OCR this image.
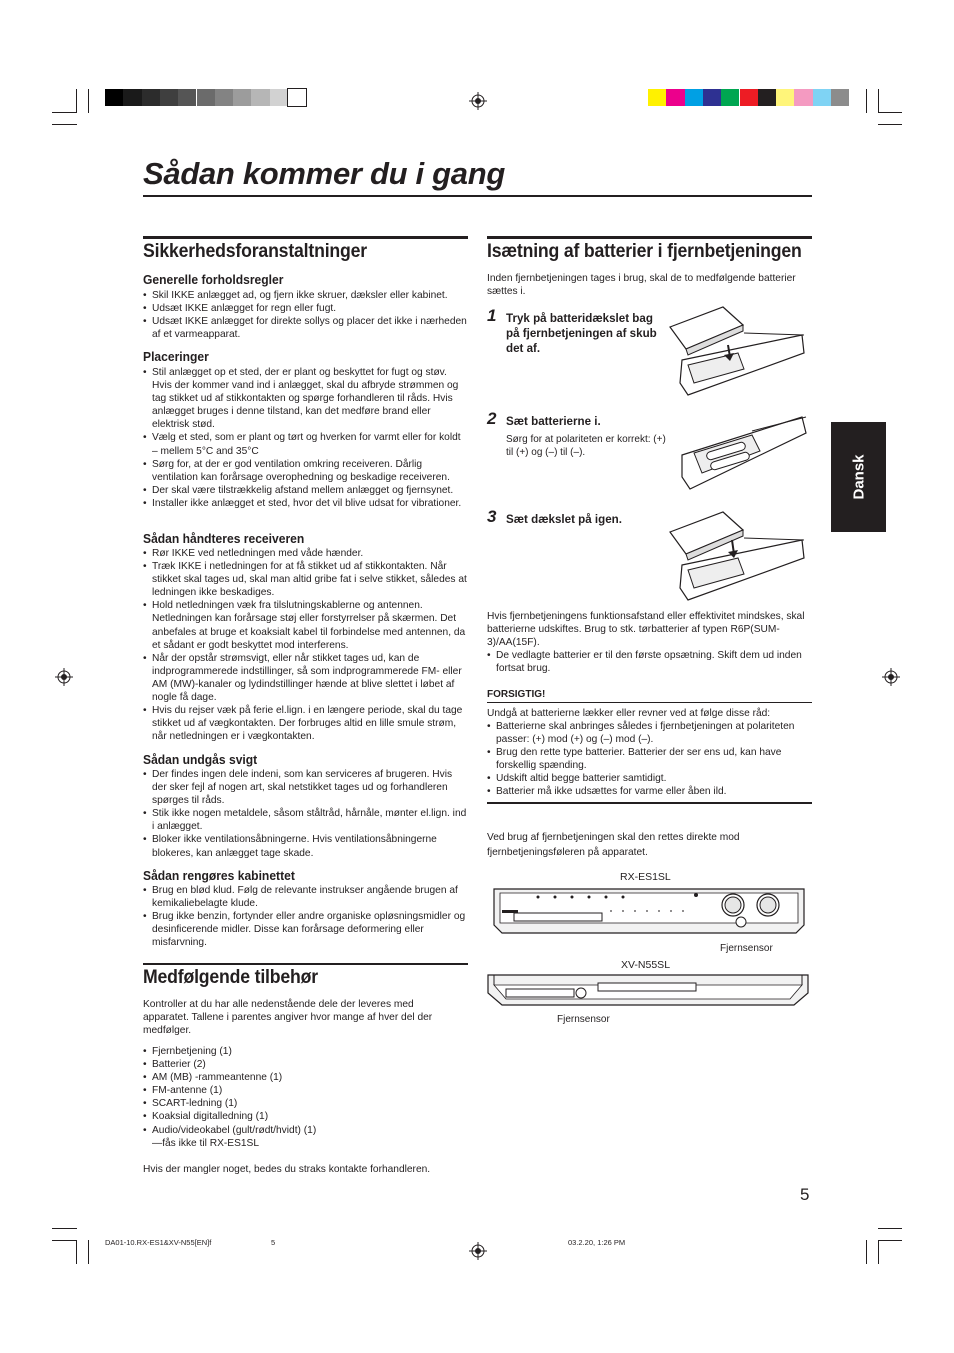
Sådan kommer du i gang
Dansk
Sikkerhedsforanstaltninger
Generelle forholdsregler
• Skil IKKE anlægget ad, og fjern ikke skruer, dæksler eller kabinet.
• Udsæt IKKE anlægget for regn eller fugt.
• Udsæt IKKE anlægget for direkte sollys og placer det ikke i nærheden af et varmeapparat.
Placeringer
• Stil anlægget op et sted, der er plant og beskyttet for fugt og støv. Hvis der kommer vand ind i anlægget, skal du afbryde strømmen og tag stikket ud af stikkontakten og spørge forhandleren til råds. Hvis anlægget bruges i denne tilstand, kan det medføre brand eller elektrisk stød.
• Vælg et sted, som er plant og tørt og hverken for varmt eller for koldt – mellem 5°C and 35°C
• Sørg for, at der er god ventilation omkring receiveren. Dårlig ventilation kan forårsage overophedning og beskadige receiveren.
• Der skal være tilstrækkelig afstand mellem anlægget og fjernsynet.
• Installer ikke anlægget et sted, hvor det vil blive udsat for vibrationer.
Sådan håndteres receiveren
• Rør IKKE ved netledningen med våde hænder.
• Træk IKKE i netledningen for at få stikket ud af stikkontakten. Når stikket skal tages ud, skal man altid gribe fat i selve stikket, således at ledningen ikke beskadiges.
• Hold netledningen væk fra tilslutningskablerne og antennen. Netledningen kan forårsage støj eller forstyrrelser på skærmen. Det anbefales at bruge et koaksialt kabel til forbindelse med antennen, da et sådant er godt beskyttet mod interferens.
• Når der opstår strømsvigt, eller når stikket tages ud, kan de indprogrammerede indstillinger, så som indprogrammerede FM- eller AM (MW)-kanaler og lydindstillinger hænde at blive slettet i løbet af nogle få dage.
• Hvis du rejser væk på ferie el.lign. i en længere periode, skal du tage stikket ud af vægkontakten. Der forbruges altid en lille smule strøm, når netledningen er i vægkontakten.
Sådan undgås svigt
• Der findes ingen dele indeni, som kan serviceres af brugeren. Hvis der sker fejl af nogen art, skal netstikket tages ud og forhandleren spørges til råds.
• Stik ikke nogen metaldele, såsom ståltråd, hårnåle, mønter el.lign. ind i anlægget.
• Bloker ikke ventilationsåbningerne. Hvis ventilationsåbningerne blokeres, kan anlægget tage skade.
Sådan rengøres kabinettet
• Brug en blød klud. Følg de relevante instrukser angående brugen af kemikaliebelagte klude.
• Brug ikke benzin, fortynder eller andre organiske opløsningsmidler og desinficerende midler. Disse kan forårsage deformering eller misfarvning.
Medfølgende tilbehør
Kontroller at du har alle nedenstående dele der leveres med apparatet. Tallene i parentes angiver hvor mange af hver del der medfølger.
• Fjernbetjening (1)
• Batterier (2)
• AM (MB) -rammeantenne (1)
• FM-antenne (1)
• SCART-ledning (1)
• Koaksial digitalledning (1)
• Audio/videokabel (gult/rødt/hvidt) (1)
—fås ikke til RX-ES1SL
Hvis der mangler noget, bedes du straks kontakte forhandleren.
Isætning af batterier i fjernbetjeningen
Inden fjernbetjeningen tages i brug, skal de to medfølgende batterier sættes i.
1 Tryk på batteridækslet bag på fjernbetjeningen af skub det af.
2 Sæt batterierne i.
Sørg for at polariteten er korrekt: (+) til (+) og (–) til (–).
3 Sæt dækslet på igen.
Hvis fjernbetjeningens funktionsafstand eller effektivitet mindskes, skal batterierne udskiftes. Brug to stk. tørbatterier af typen R6P(SUM-3)/AA(15F).
• De vedlagte batterier er til den første opsætning. Skift dem ud inden fortsat brug.
FORSIGTIG!
Undgå at batterierne lækker eller revner ved at følge disse råd:
• Batterierne skal anbringes således i fjernbetjeningen at polariteten passer: (+) mod (+) og (–) mod (–).
• Brug den rette type batterier. Batterier der ser ens ud, kan have forskellig spænding.
• Udskift altid begge batterier samtidigt.
• Batterier må ikke udsættes for varme eller åben ild.
Ved brug af fjernbetjeningen skal den rettes direkte mod
fjernbetjeningsføleren på apparatet.
RX-ES1SL
Fjernsensor
XV-N55SL
Fjernsensor
5
DA01-10.RX-ES1&XV-N55[EN]f	5	03.2.20, 1:26 PM
